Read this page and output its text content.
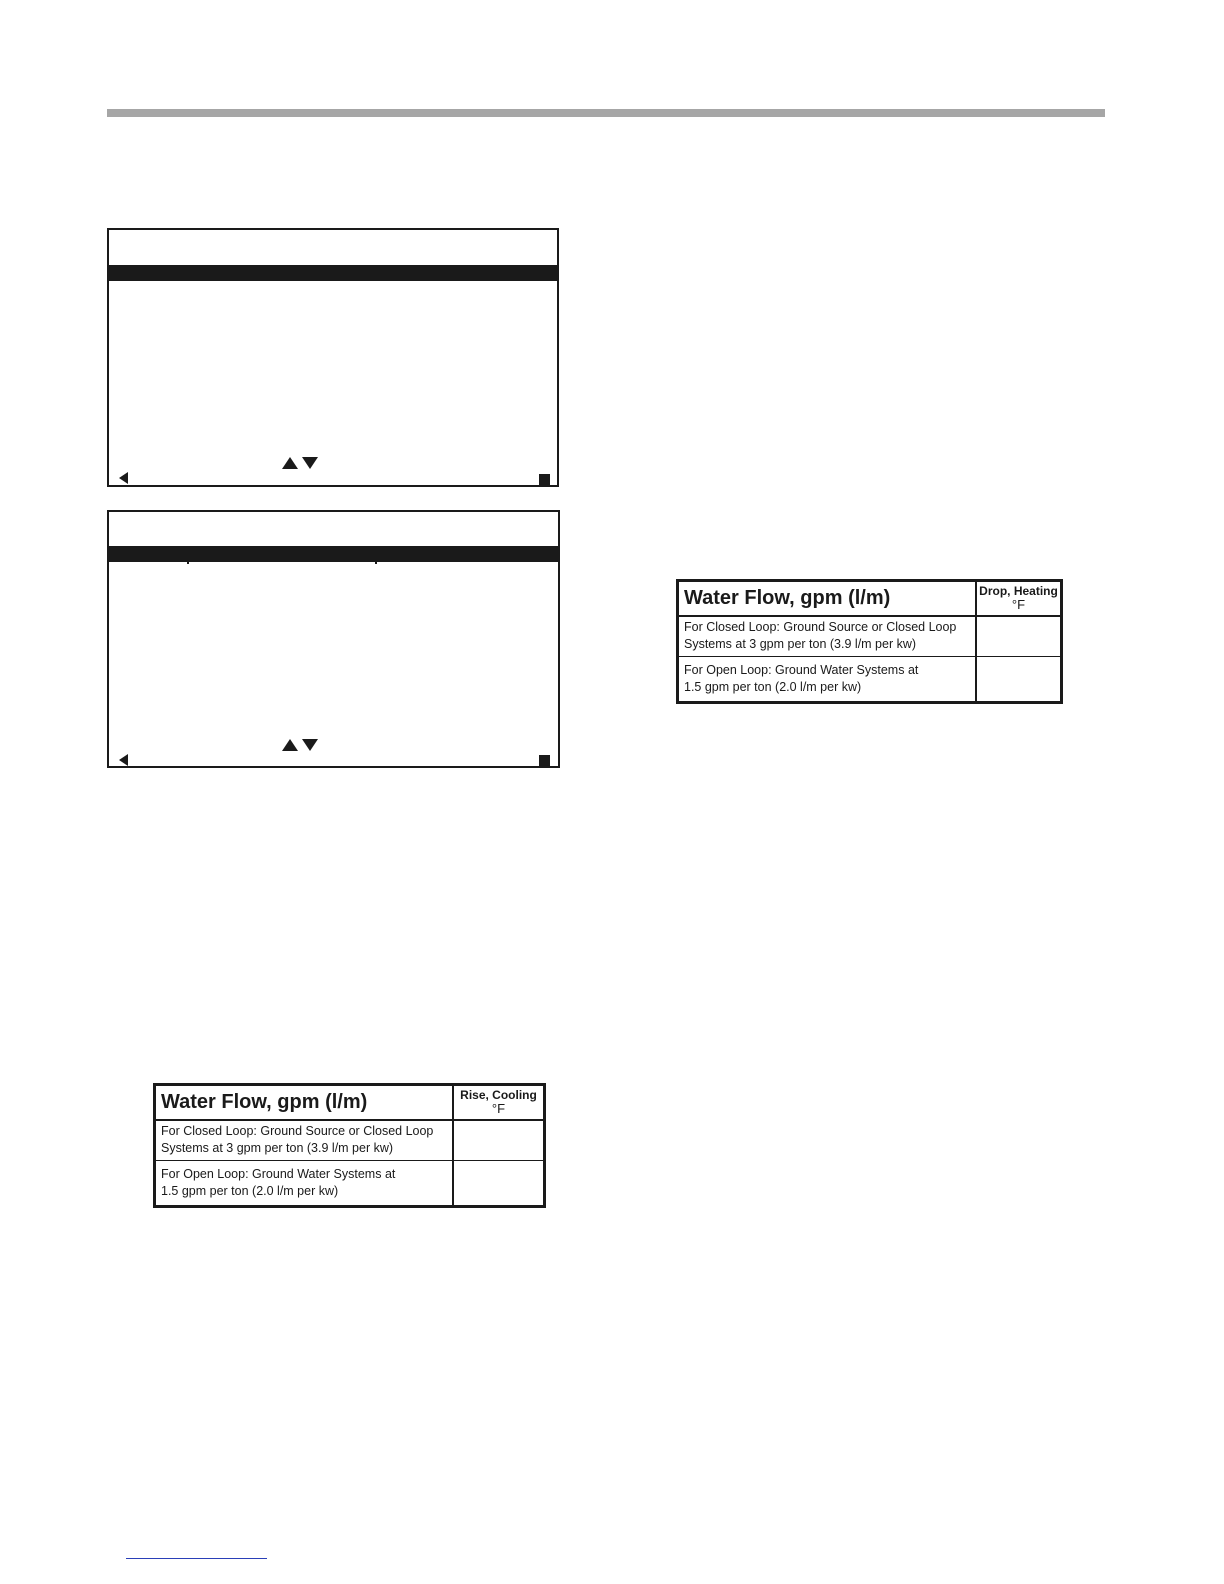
Water Flow, gpm (l/m)	Drop, Heating
°F

For Closed Loop: Ground Source or Closed Loop
Systems at 3 gpm per ton (3.9 l/m per kw)	

For Open Loop: Ground Water Systems at
1.5 gpm per ton (2.0 l/m per kw)	

Water Flow, gpm (l/m)	Rise, Cooling
°F

For Closed Loop: Ground Source or Closed Loop
Systems at 3 gpm per ton (3.9 l/m per kw)	

For Open Loop: Ground Water Systems at
1.5 gpm per ton (2.0 l/m per kw)	
